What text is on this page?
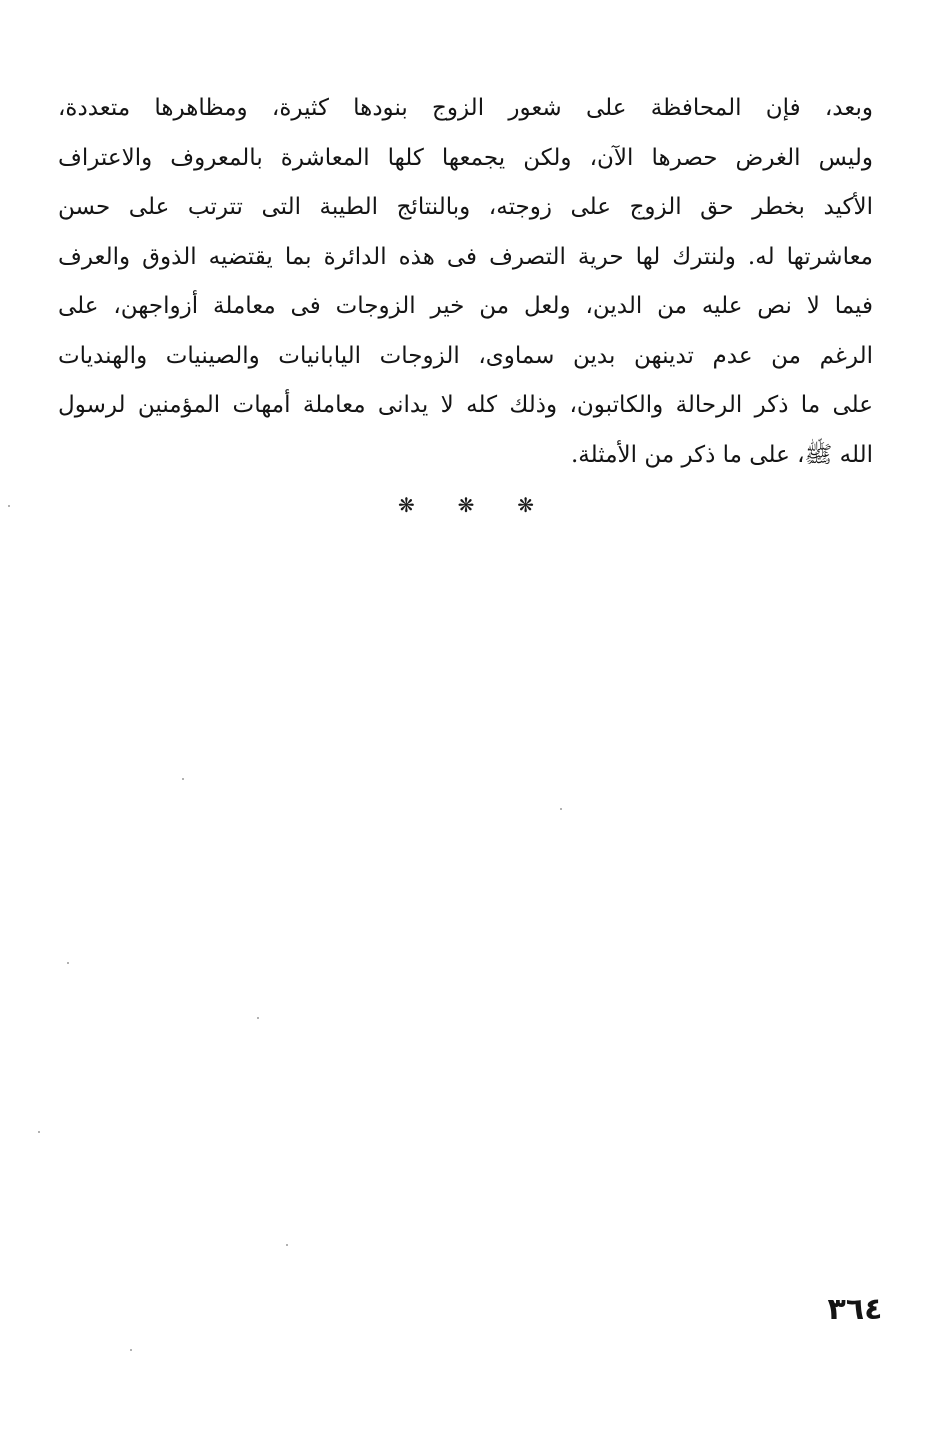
وبعد، فإن المحافظة على شعور الزوج بنودها كثيرة، ومظاهرها متعددة،
وليس الغرض حصرها الآن، ولكن يجمعها كلها المعاشرة بالمعروف والاعتراف
الأكيد بخطر حق الزوج على زوجته، وبالنتائج الطيبة التى تترتب على حسن
معاشرتها له. ولنترك لها حرية التصرف فى هذه الدائرة بما يقتضيه الذوق والعرف
فيما لا نص عليه من الدين، ولعل من خير الزوجات فى معاملة أزواجهن، على
الرغم من عدم تدينهن بدين سماوى، الزوجات اليابانيات والصينيات والهنديات
على ما ذكر الرحالة والكاتبون، وذلك كله لا يدانى معاملة أمهات المؤمنين لرسول
الله ﷺ، على ما ذكر من الأمثلة.
❋
❋
❋
٣٦٤
